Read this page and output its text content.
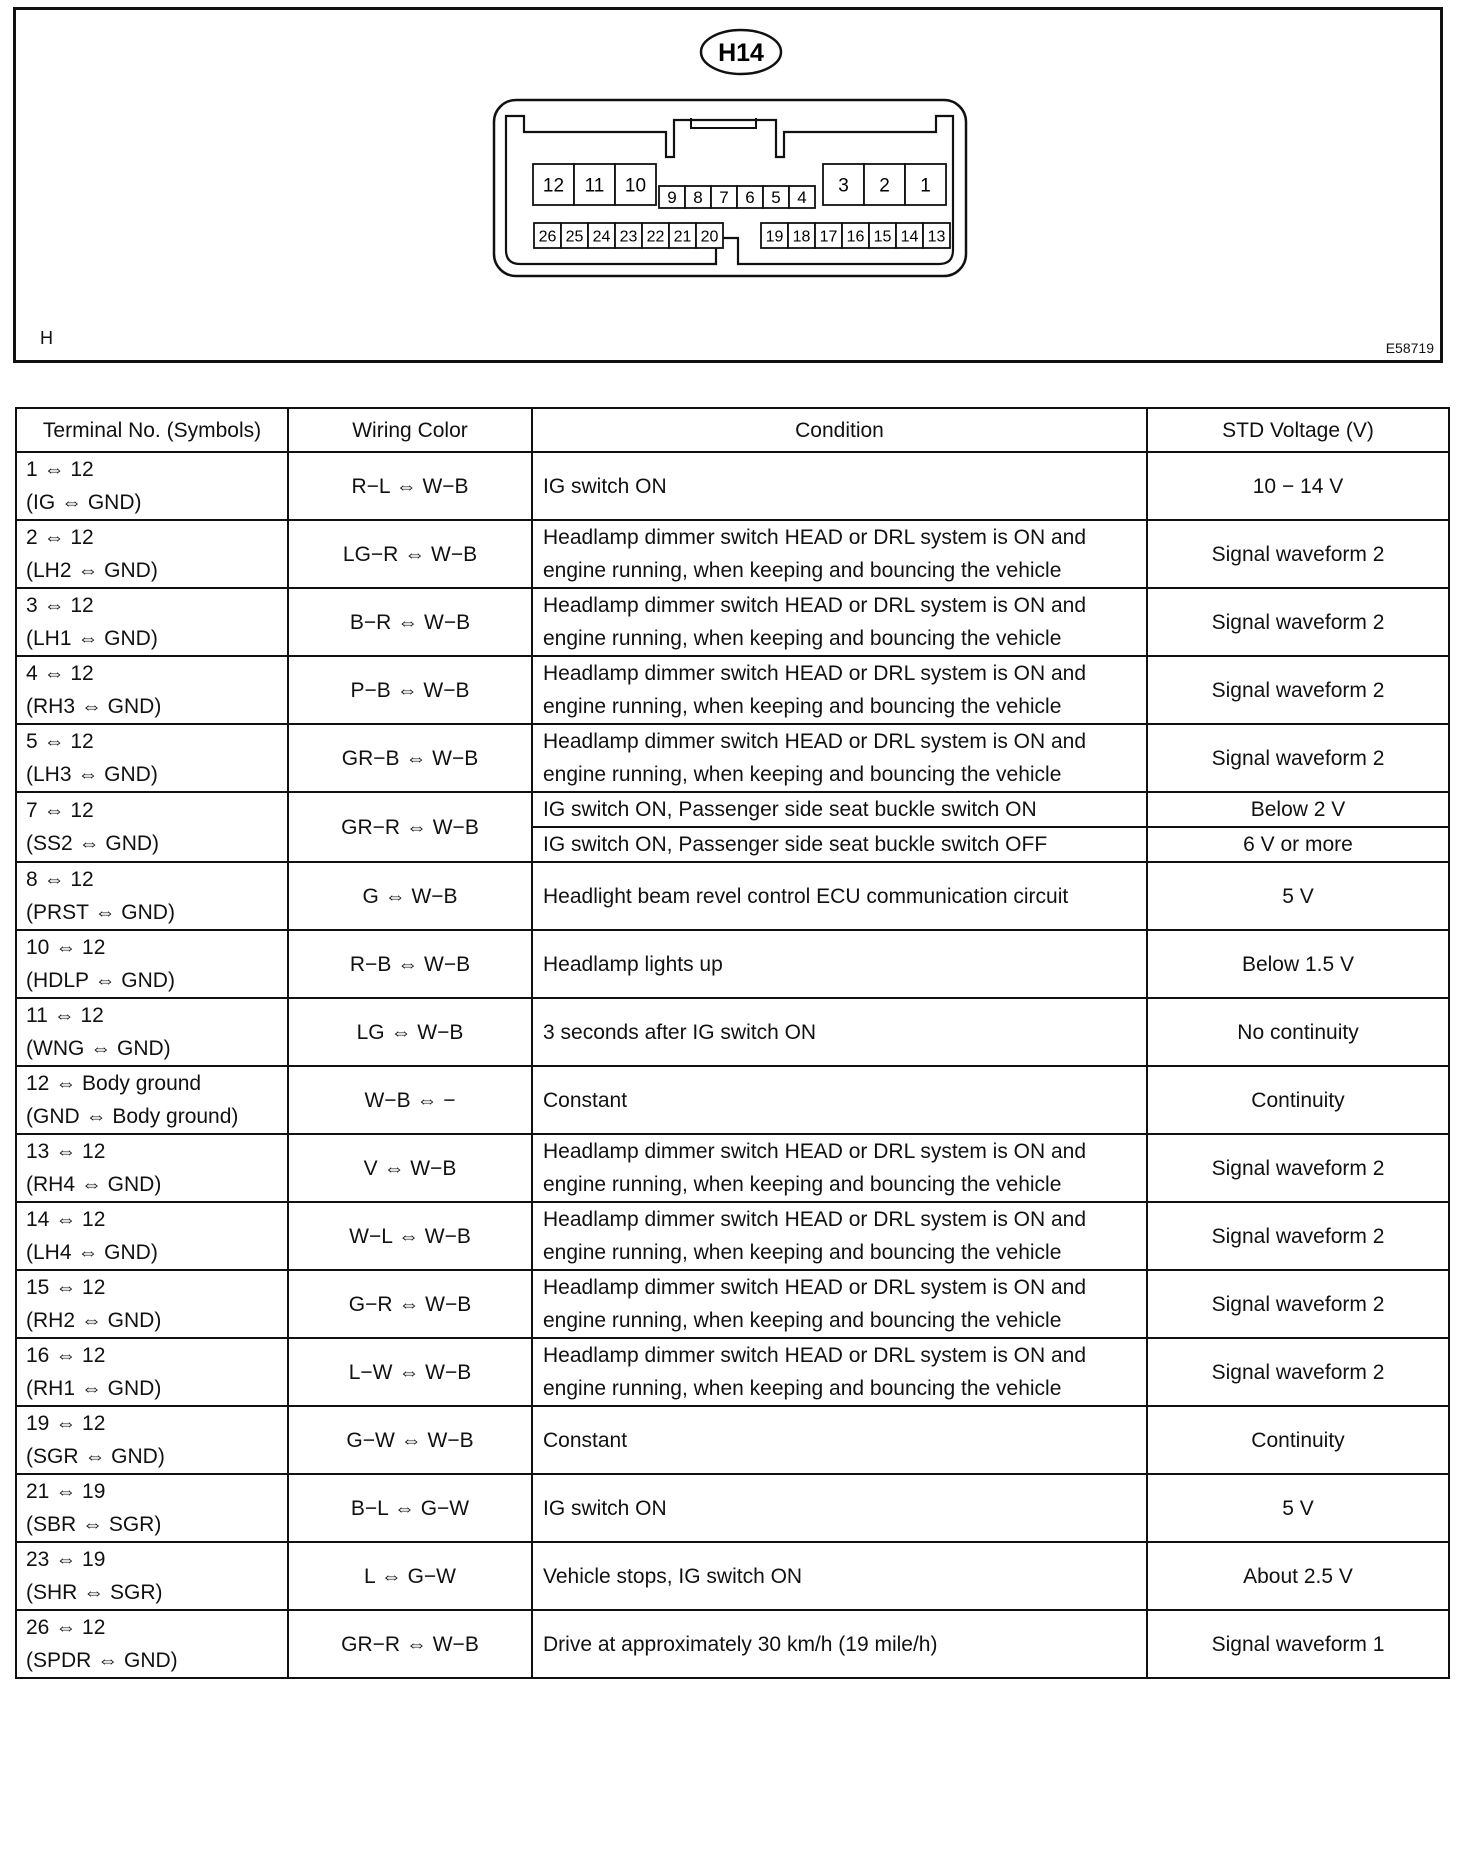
H14
12 11 10
9 8 7 6 5 4
3 2 1
26 25 24 23 22 21 20	19 18 17 16 15 14 13
H	E58719
Terminal No. (Symbols)	Wiring Color	Condition	STD Voltage (V)

1 ⇔ 12
(IG ⇔ GND)	R−L ⇔ W−B	IG switch ON	10 − 14 V

2 ⇔ 12
(LH2 ⇔ GND)	LG−R ⇔ W−B	Headlamp dimmer switch HEAD or DRL system is ON and engine running, when keeping and bouncing the vehicle	Signal waveform 2

3 ⇔ 12
(LH1 ⇔ GND)	B−R ⇔ W−B	Headlamp dimmer switch HEAD or DRL system is ON and engine running, when keeping and bouncing the vehicle	Signal waveform 2

4 ⇔ 12
(RH3 ⇔ GND)	P−B ⇔ W−B	Headlamp dimmer switch HEAD or DRL system is ON and engine running, when keeping and bouncing the vehicle	Signal waveform 2

5 ⇔ 12
(LH3 ⇔ GND)	GR−B ⇔ W−B	Headlamp dimmer switch HEAD or DRL system is ON and engine running, when keeping and bouncing the vehicle	Signal waveform 2

7 ⇔ 12
(SS2 ⇔ GND)	GR−R ⇔ W−B	IG switch ON, Passenger side seat buckle switch ON	Below 2 V
		IG switch ON, Passenger side seat buckle switch OFF	6 V or more

8 ⇔ 12
(PRST ⇔ GND)	G ⇔ W−B	Headlight beam revel control ECU communication circuit	5 V

10 ⇔ 12
(HDLP ⇔ GND)	R−B ⇔ W−B	Headlamp lights up	Below 1.5 V

11 ⇔ 12
(WNG ⇔ GND)	LG ⇔ W−B	3 seconds after IG switch ON	No continuity

12 ⇔ Body ground
(GND ⇔ Body ground)	W−B ⇔ −	Constant	Continuity

13 ⇔ 12
(RH4 ⇔ GND)	V ⇔ W−B	Headlamp dimmer switch HEAD or DRL system is ON and engine running, when keeping and bouncing the vehicle	Signal waveform 2

14 ⇔ 12
(LH4 ⇔ GND)	W−L ⇔ W−B	Headlamp dimmer switch HEAD or DRL system is ON and engine running, when keeping and bouncing the vehicle	Signal waveform 2

15 ⇔ 12
(RH2 ⇔ GND)	G−R ⇔ W−B	Headlamp dimmer switch HEAD or DRL system is ON and engine running, when keeping and bouncing the vehicle	Signal waveform 2

16 ⇔ 12
(RH1 ⇔ GND)	L−W ⇔ W−B	Headlamp dimmer switch HEAD or DRL system is ON and engine running, when keeping and bouncing the vehicle	Signal waveform 2

19 ⇔ 12
(SGR ⇔ GND)	G−W ⇔ W−B	Constant	Continuity

21 ⇔ 19
(SBR ⇔ SGR)	B−L ⇔ G−W	IG switch ON	5 V

23 ⇔ 19
(SHR ⇔ SGR)	L ⇔ G−W	Vehicle stops, IG switch ON	About 2.5 V

26 ⇔ 12
(SPDR ⇔ GND)	GR−R ⇔ W−B	Drive at approximately 30 km/h (19 mile/h)	Signal waveform 1
